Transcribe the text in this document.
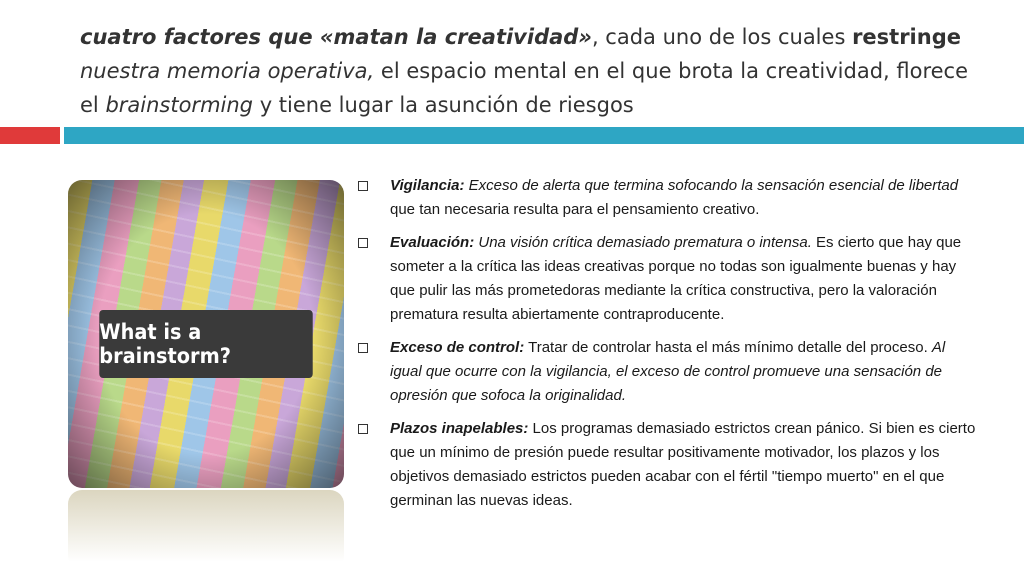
cuatro factores que «matan la creatividad», cada uno de los cuales restringe
nuestra memoria operativa, el espacio mental en el que brota la creatividad, florece el brainstorming y tiene lugar la asunción de riesgos
What is a brainstorm?
Vigilancia: Exceso de alerta que termina sofocando la sensación esencial de libertad que tan necesaria resulta para el pensamiento creativo.
Evaluación: Una visión crítica demasiado prematura o intensa. Es cierto que hay que someter a la crítica las ideas creativas porque no todas son igualmente buenas y hay que pulir las más prometedoras mediante la crítica constructiva, pero la valoración prematura resulta abiertamente contraproducente.
Exceso de control: Tratar de controlar hasta el más mínimo detalle del proceso. Al igual que ocurre con la vigilancia, el exceso de control promueve una sensación de opresión que sofoca la originalidad.
Plazos inapelables: Los programas demasiado estrictos crean pánico. Si bien es cierto que un mínimo de presión puede resultar positivamente motivador, los plazos y los objetivos demasiado estrictos pueden acabar con el fértil "tiempo muerto" en el que germinan las nuevas ideas.
